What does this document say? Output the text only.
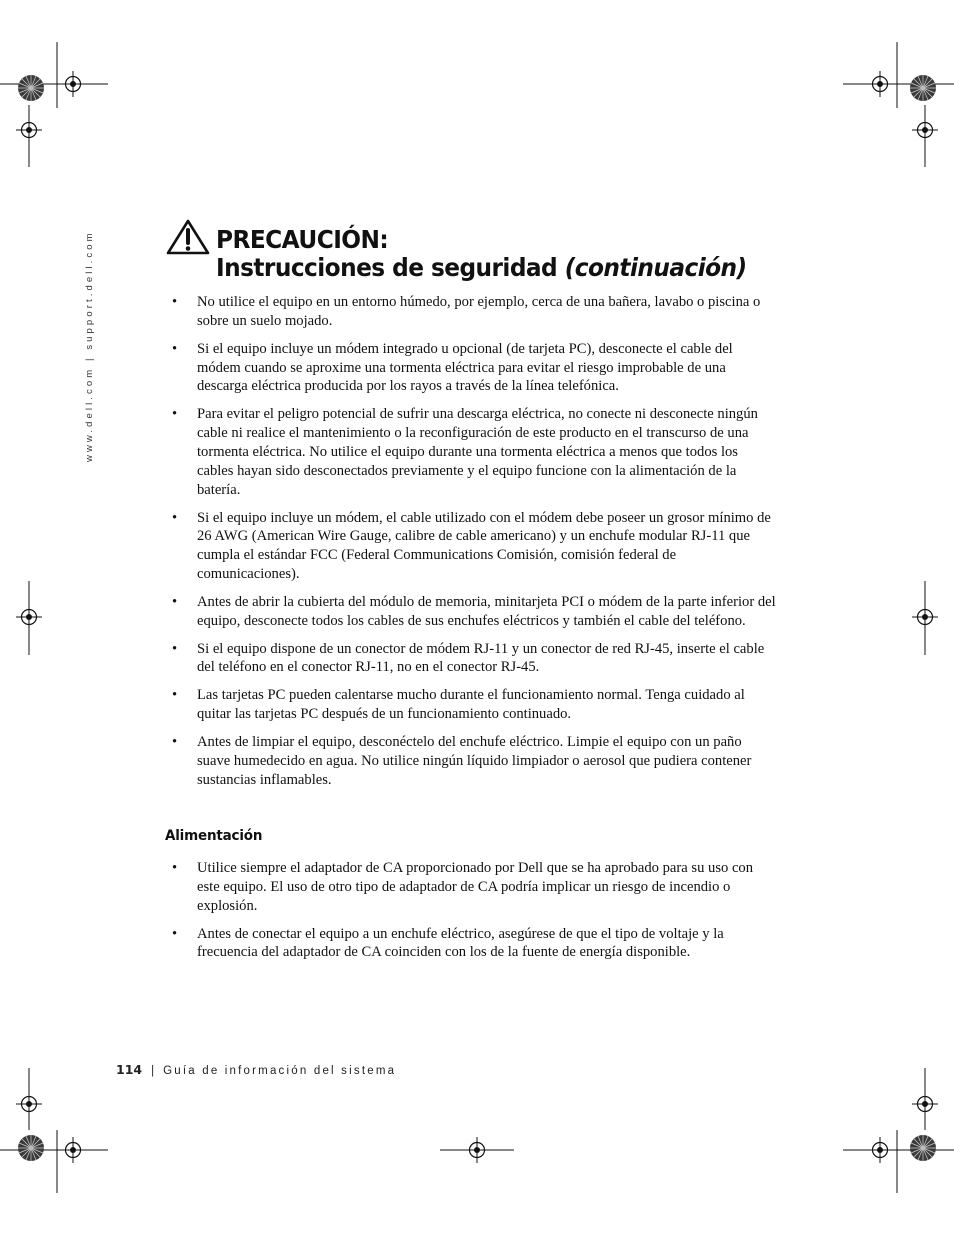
www.dell.com | support.dell.com	PRECAUCIÓN:
Instrucciones de seguridad (continuación)
• No utilice el equipo en un entorno húmedo, por ejemplo, cerca de una bañera, lavabo o piscina o sobre un suelo mojado.
• Si el equipo incluye un módem integrado u opcional (de tarjeta PC), desconecte el cable del módem cuando se aproxime una tormenta eléctrica para evitar el riesgo improbable de una descarga eléctrica producida por los rayos a través de la línea telefónica.
• Para evitar el peligro potencial de sufrir una descarga eléctrica, no conecte ni desconecte ningún cable ni realice el mantenimiento o la reconfiguración de este producto en el transcurso de una tormenta eléctrica. No utilice el equipo durante una tormenta eléctrica a menos que todos los cables hayan sido desconectados previamente y el equipo funcione con la alimentación de la batería.
• Si el equipo incluye un módem, el cable utilizado con el módem debe poseer un grosor mínimo de 26 AWG (American Wire Gauge, calibre de cable americano) y un enchufe modular RJ-11 que cumpla el estándar FCC (Federal Communications Comisión, comisión federal de comunicaciones).
• Antes de abrir la cubierta del módulo de memoria, minitarjeta PCI o módem de la parte inferior del equipo, desconecte todos los cables de sus enchufes eléctricos y también el cable del teléfono.
• Si el equipo dispone de un conector de módem RJ-11 y un conector de red RJ-45, inserte el cable del teléfono en el conector RJ-11, no en el conector RJ-45.
• Las tarjetas PC pueden calentarse mucho durante el funcionamiento normal. Tenga cuidado al quitar las tarjetas PC después de un funcionamiento continuado.
• Antes de limpiar el equipo, desconéctelo del enchufe eléctrico. Limpie el equipo con un paño suave humedecido en agua. No utilice ningún líquido limpiador o aerosol que pudiera contener sustancias inflamables.
Alimentación
• Utilice siempre el adaptador de CA proporcionado por Dell que se ha aprobado para su uso con este equipo. El uso de otro tipo de adaptador de CA podría implicar un riesgo de incendio o explosión.
• Antes de conectar el equipo a un enchufe eléctrico, asegúrese de que el tipo de voltaje y la frecuencia del adaptador de CA coinciden con los de la fuente de energía disponible.
114 | Guía de información del sistema
